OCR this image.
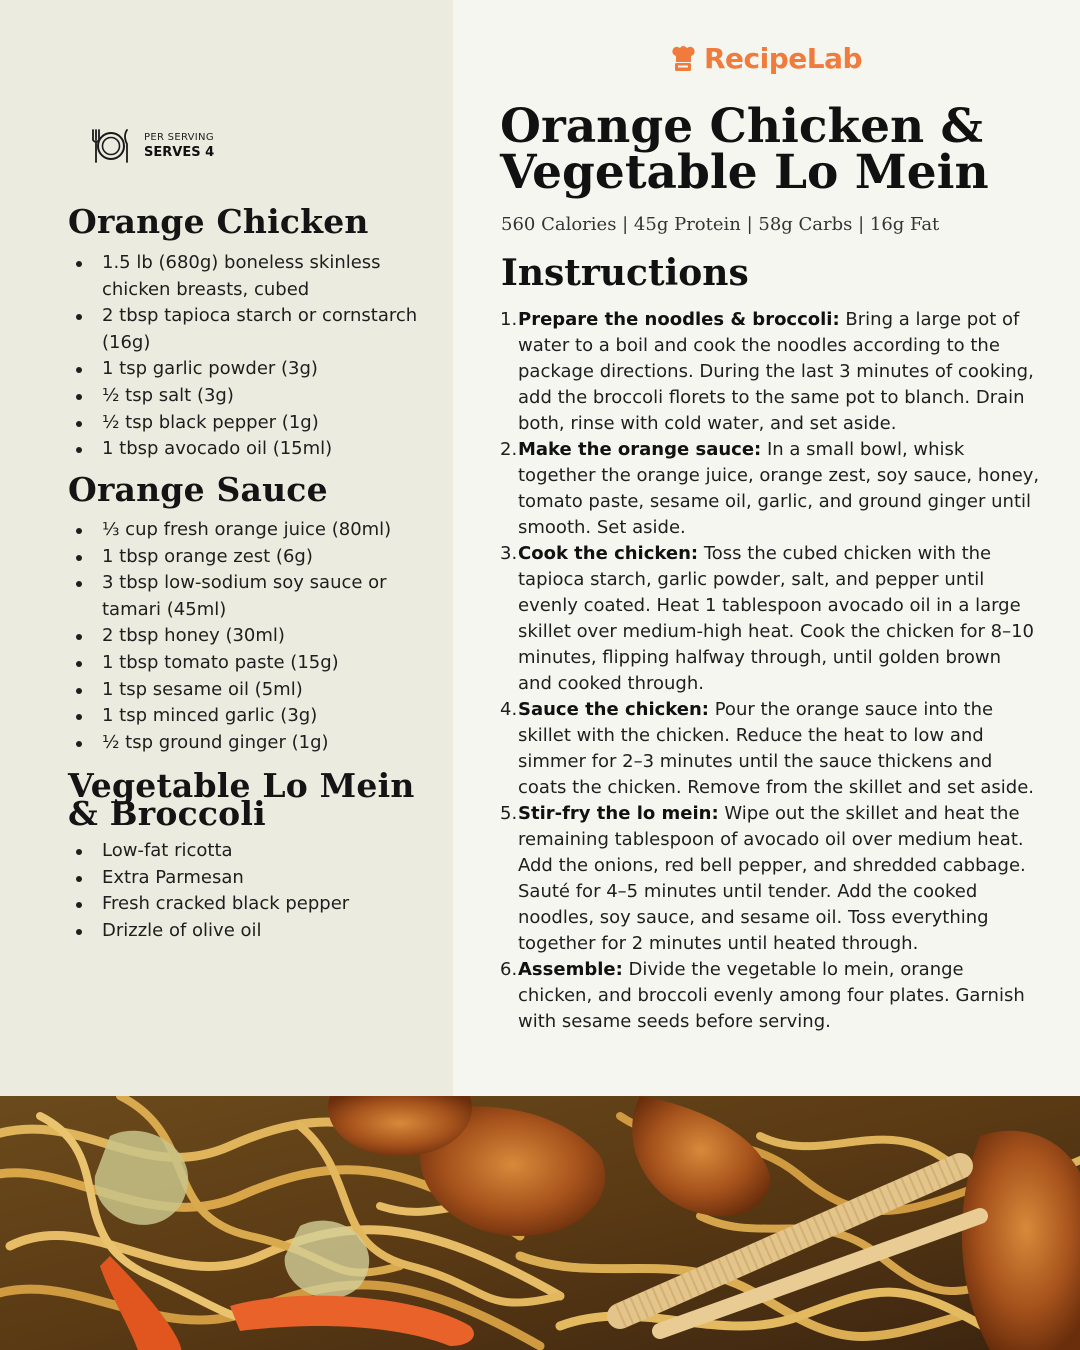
PER SERVING
SERVES 4
Orange Chicken
1.5 lb (680g) boneless skinless chicken breasts, cubed
2 tbsp tapioca starch or cornstarch (16g)
1 tsp garlic powder (3g)
½ tsp salt (3g)
½ tsp black pepper (1g)
1 tbsp avocado oil (15ml)
Orange Sauce
⅓ cup fresh orange juice (80ml)
1 tbsp orange zest (6g)
3 tbsp low-sodium soy sauce or tamari (45ml)
2 tbsp honey (30ml)
1 tbsp tomato paste (15g)
1 tsp sesame oil (5ml)
1 tsp minced garlic (3g)
½ tsp ground ginger (1g)
Vegetable Lo Mein
& Broccoli
Low-fat ricotta
Extra Parmesan
Fresh cracked black pepper
Drizzle of olive oil
RecipeLab
Orange Chicken &
Vegetable Lo Mein
560 Calories | 45g Protein | 58g Carbs | 16g Fat
Instructions
1. Prepare the noodles & broccoli: Bring a large pot of water to a boil and cook the noodles according to the package directions. During the last 3 minutes of cooking, add the broccoli florets to the same pot to blanch. Drain both, rinse with cold water, and set aside.
2. Make the orange sauce: In a small bowl, whisk together the orange juice, orange zest, soy sauce, honey, tomato paste, sesame oil, garlic, and ground ginger until smooth. Set aside.
3. Cook the chicken: Toss the cubed chicken with the tapioca starch, garlic powder, salt, and pepper until evenly coated. Heat 1 tablespoon avocado oil in a large skillet over medium-high heat. Cook the chicken for 8–10 minutes, flipping halfway through, until golden brown and cooked through.
4. Sauce the chicken: Pour the orange sauce into the skillet with the chicken. Reduce the heat to low and simmer for 2–3 minutes until the sauce thickens and coats the chicken. Remove from the skillet and set aside.
5. Stir-fry the lo mein: Wipe out the skillet and heat the remaining tablespoon of avocado oil over medium heat. Add the onions, red bell pepper, and shredded cabbage. Sauté for 4–5 minutes until tender. Add the cooked noodles, soy sauce, and sesame oil. Toss everything together for 2 minutes until heated through.
6. Assemble: Divide the vegetable lo mein, orange chicken, and broccoli evenly among four plates. Garnish with sesame seeds before serving.
